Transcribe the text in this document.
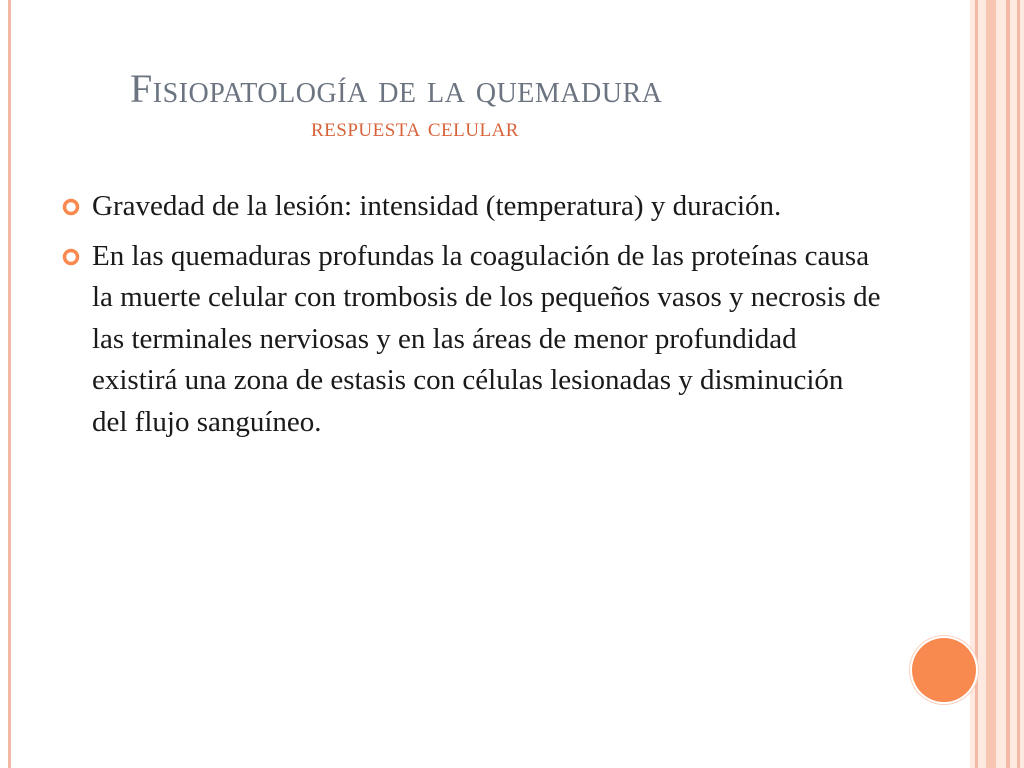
Fisiopatología de la quemadura
respuesta celular
Gravedad de la lesión: intensidad (temperatura) y duración.
En las quemaduras profundas la coagulación de las proteínas causa la muerte celular con trombosis de los pequeños vasos y necrosis de las terminales nerviosas y en las áreas de menor profundidad existirá una zona de estasis con células lesionadas y disminución del flujo sanguíneo.
